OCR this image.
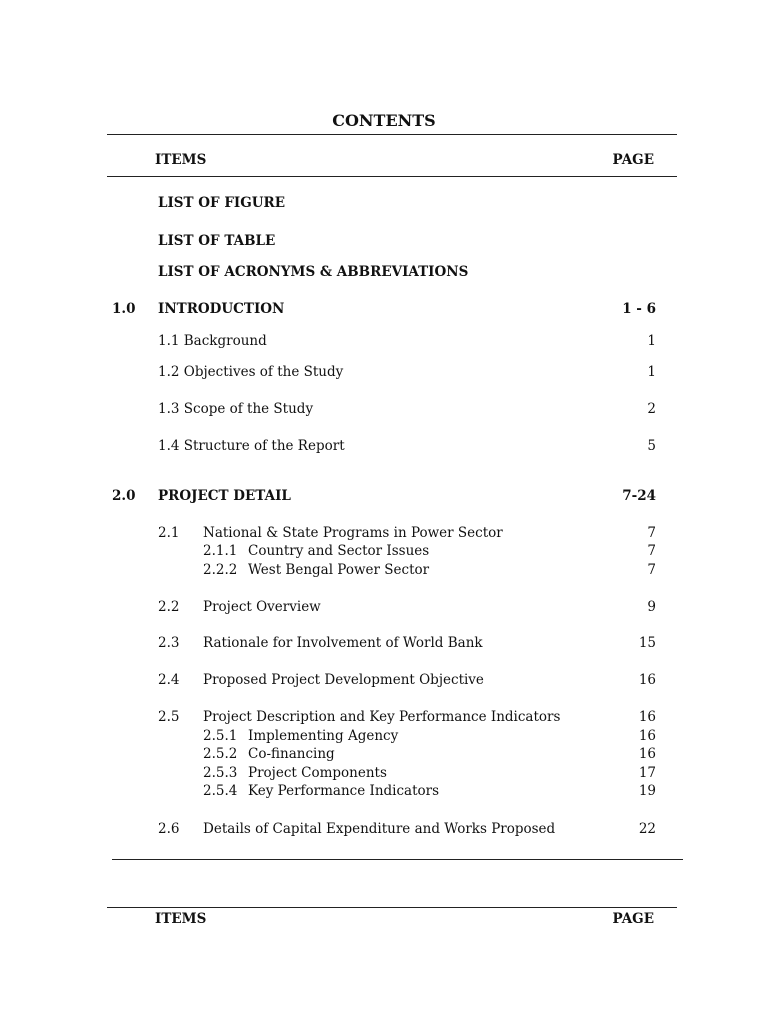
CONTENTS
ITEMS	PAGE
LIST OF FIGURE
LIST OF TABLE
LIST OF ACRONYMS & ABBREVIATIONS
1.0 INTRODUCTION	1 - 6
1.1 Background	1
1.2 Objectives of the Study	1
1.3 Scope of the Study	2
1.4 Structure of the Report	5
2.0 PROJECT DETAIL	7-24
2.1 National & State Programs in Power Sector	7
2.1.1 Country and Sector Issues	7
2.2.2 West Bengal Power Sector	7
2.2 Project Overview	9
2.3 Rationale for Involvement of World Bank	15
2.4 Proposed Project Development Objective	16
2.5 Project Description and Key Performance Indicators	16
2.5.1 Implementing Agency	16
2.5.2 Co-financing	16
2.5.3 Project Components	17
2.5.4 Key Performance Indicators	19
2.6 Details of Capital Expenditure and Works Proposed	22
ITEMS	PAGE
